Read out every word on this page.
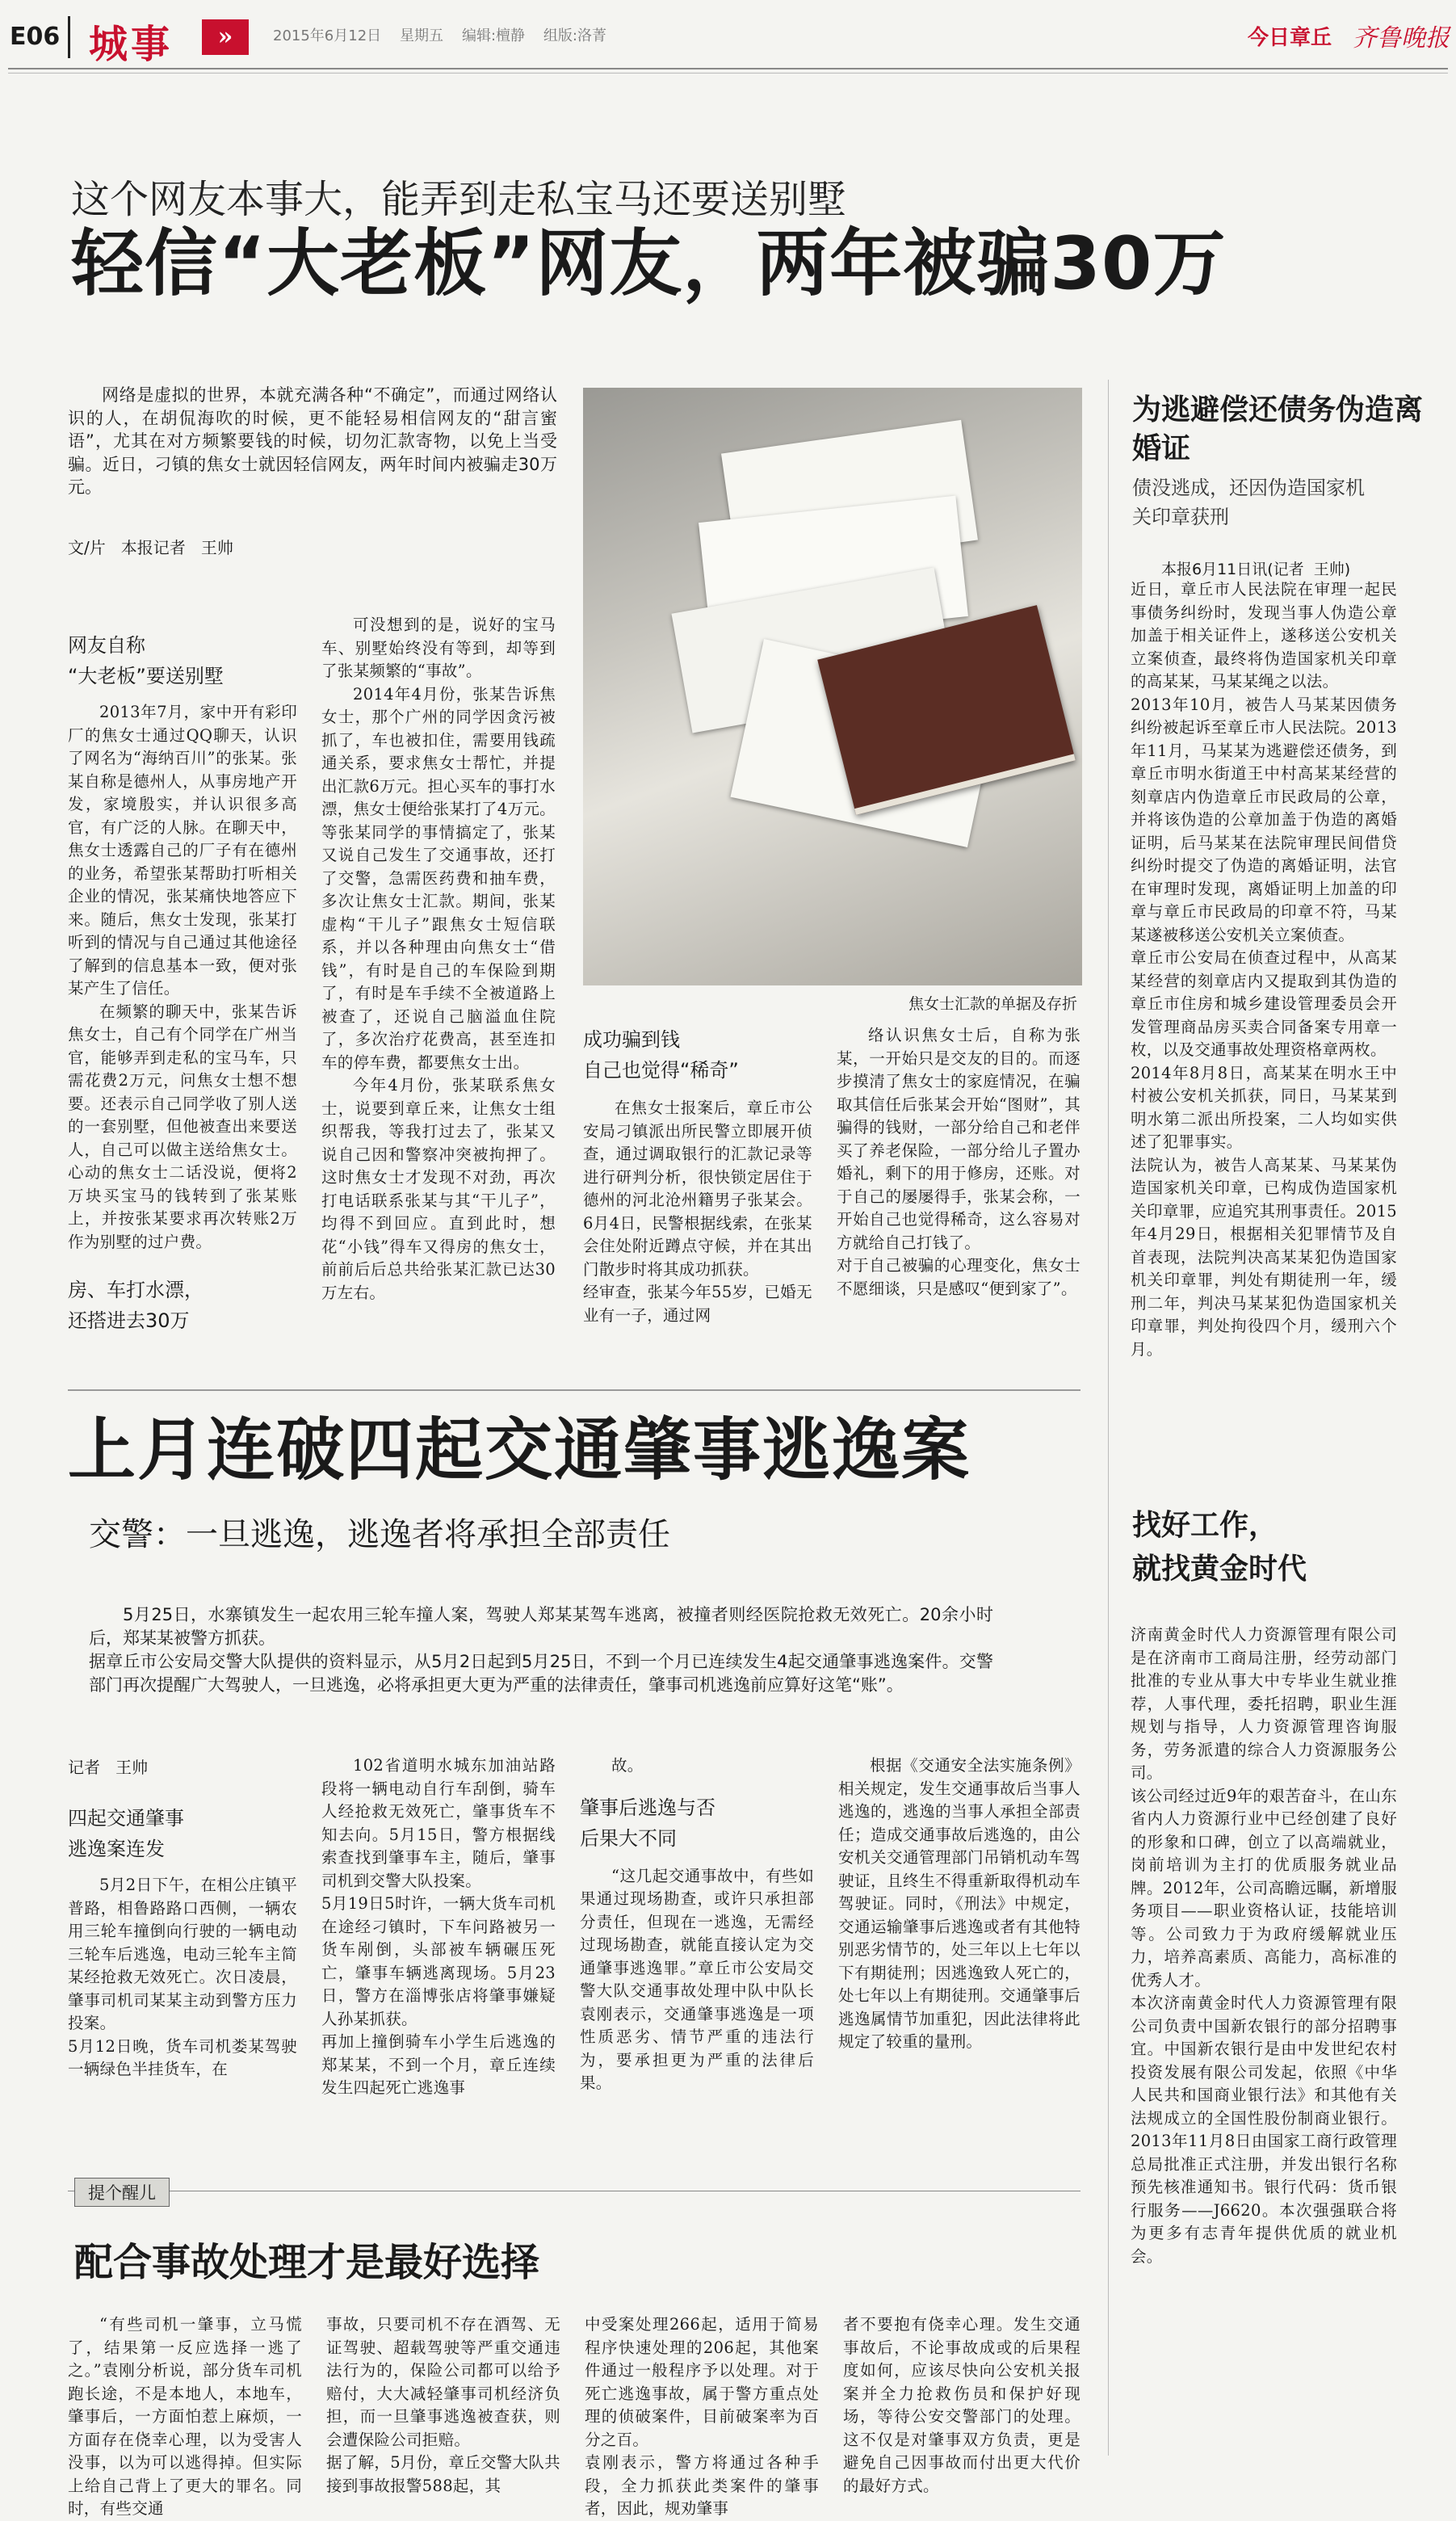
E06 城事	»	2015年6月12日    星期五    编辑:檀静    组版:洛菁	今日章丘 齐鲁晚报
这个网友本事大，能弄到走私宝马还要送别墅
轻信“大老板”网友，两年被骗30万

网络是虚拟的世界，本就充满各种“不确定”，而通过网络认识的人，在胡侃海吹的时候，更不能轻易相信网友的“甜言蜜语”，尤其在对方频繁要钱的时候，切勿汇款寄物，以免上当受骗。近日，刁镇的焦女士就因轻信网友，两年时间内被骗走30万元。

文/片   本报记者   王帅
网友自称
“大老板”要送别墅

2013年7月，家中开有彩印厂的焦女士通过QQ聊天，认识了网名为“海纳百川”的张某。张某自称是德州人，从事房地产开发，家境殷实，并认识很多高官，有广泛的人脉。在聊天中，焦女士透露自己的厂子有在德州的业务，希望张某帮助打听相关企业的情况，张某痛快地答应下来。随后，焦女士发现，张某打听到的情况与自己通过其他途径了解到的信息基本一致，便对张某产生了信任。

在频繁的聊天中，张某告诉焦女士，自己有个同学在广州当官，能够弄到走私的宝马车，只需花费2万元，问焦女士想不想要。还表示自己同学收了别人送的一套别墅，但他被查出来要送人，自己可以做主送给焦女士。心动的焦女士二话没说，便将2万块买宝马的钱转到了张某账上，并按张某要求再次转账2万作为别墅的过户费。

房、车打水漂，
还搭进去30万

可没想到的是，说好的宝马车、别墅始终没有等到，却等到了张某频繁的“事故”。

2014年4月份，张某告诉焦女士，那个广州的同学因贪污被抓了，车也被扣住，需要用钱疏通关系，要求焦女士帮忙，并提出汇款6万元。担心买车的事打水漂，焦女士便给张某打了4万元。等张某同学的事情搞定了，张某又说自己发生了交通事故，还打了交警，急需医药费和抽车费，多次让焦女士汇款。期间，张某虚构“干儿子”跟焦女士短信联系，并以各种理由向焦女士“借钱”，有时是自己的车保险到期了，有时是车手续不全被道路上被查了，还说自己脑溢血住院了，多次治疗花费高，甚至连扣车的停车费，都要焦女士出。

今年4月份，张某联系焦女士，说要到章丘来，让焦女士组织帮我，等我打过去了，张某又说自己因和警察冲突被拘押了。这时焦女士才发现不对劲，再次打电话联系张某与其“干儿子”，均得不到回应。直到此时，想花“小钱”得车又得房的焦女士，前前后后总共给张某汇款已达30万左右。

焦女士汇款的单据及存折
成功骗到钱
自己也觉得“稀奇”

在焦女士报案后，章丘市公安局刁镇派出所民警立即展开侦查，通过调取银行的汇款记录等进行研判分析，很快锁定居住于德州的河北沧州籍男子张某会。6月4日，民警根据线索，在张某会住处附近蹲点守候，并在其出门散步时将其成功抓获。
经审查，张某今年55岁，已婚无业有一子，通过网

络认识焦女士后，自称为张某，一开始只是交友的目的。而逐步摸清了焦女士的家庭情况，在骗取其信任后张某会开始“图财”，其骗得的钱财，一部分给自己和老伴买了养老保险，一部分给儿子置办婚礼，剩下的用于修房，还账。对于自己的屡屡得手，张某会称，一开始自己也觉得稀奇，这么容易对方就给自己打钱了。
对于自己被骗的心理变化，焦女士不愿细谈，只是感叹“便到家了”。

为逃避偿还债务伪造离婚证
债没逃成，还因伪造国家机关印章获刑
本报6月11日讯(记者  王帅)

近日，章丘市人民法院在审理一起民事债务纠纷时，发现当事人伪造公章加盖于相关证件上，遂移送公安机关立案侦查，最终将伪造国家机关印章的高某某，马某某绳之以法。
2013年10月，被告人马某某因债务纠纷被起诉至章丘市人民法院。2013年11月，马某某为逃避偿还债务，到章丘市明水街道王中村高某某经营的刻章店内伪造章丘市民政局的公章，并将该伪造的公章加盖于伪造的离婚证明，后马某某在法院审理民间借贷纠纷时提交了伪造的离婚证明，法官在审理时发现，离婚证明上加盖的印章与章丘市民政局的印章不符，马某某遂被移送公安机关立案侦查。
章丘市公安局在侦查过程中，从高某某经营的刻章店内又提取到其伪造的章丘市住房和城乡建设管理委员会开发管理商品房买卖合同备案专用章一枚，以及交通事故处理资格章两枚。
2014年8月8日，高某某在明水王中村被公安机关抓获，同日，马某某到明水第二派出所投案，二人均如实供述了犯罪事实。
法院认为，被告人高某某、马某某伪造国家机关印章，已构成伪造国家机关印章罪，应追究其刑事责任。2015年4月29日，根据相关犯罪情节及自首表现，法院判决高某某犯伪造国家机关印章罪，判处有期徒刑一年，缓刑二年，判决马某某犯伪造国家机关印章罪，判处拘役四个月，缓刑六个月。

上月连破四起交通肇事逃逸案
交警：一旦逃逸，逃逸者将承担全部责任

5月25日，水寨镇发生一起农用三轮车撞人案，驾驶人郑某某驾车逃离，被撞者则经医院抢救无效死亡。20余小时后，郑某某被警方抓获。
据章丘市公安局交警大队提供的资料显示，从5月2日起到5月25日，不到一个月已连续发生4起交通肇事逃逸案件。交警部门再次提醒广大驾驶人，一旦逃逸，必将承担更大更为严重的法律责任，肇事司机逃逸前应算好这笔“账”。

记者   王帅
四起交通肇事
逃逸案连发

5月2日下午，在相公庄镇平普路，相鲁路路口西侧，一辆农用三轮车撞倒向行驶的一辆电动三轮车后逃逸，电动三轮车主简某经抢救无效死亡。次日凌晨，肇事司机司某某主动到警方压力投案。
5月12日晚，货车司机娄某驾驶一辆绿色半挂货车，在

102省道明水城东加油站路段将一辆电动自行车刮倒，骑车人经抢救无效死亡，肇事货车不知去向。5月15日，警方根据线索查找到肇事车主，随后，肇事司机到交警大队投案。
5月19日5时许，一辆大货车司机在途经刁镇时，下车问路被另一货车剐倒，头部被车辆碾压死亡，肇事车辆逃离现场。5月23日，警方在淄博张店将肇事嫌疑人孙某抓获。
再加上撞倒骑车小学生后逃逸的郑某某，不到一个月，章丘连续发生四起死亡逃逸事

故。

肇事后逃逸与否
后果大不同

“这几起交通事故中，有些如果通过现场勘查，或许只承担部分责任，但现在一逃逸，无需经过现场勘查，就能直接认定为交通肇事逃逸罪。”章丘市公安局交警大队交通事故处理中队中队长袁刚表示，交通肇事逃逸是一项性质恶劣、情节严重的违法行为，要承担更为严重的法律后果。

根据《交通安全法实施条例》相关规定，发生交通事故后当事人逃逸的，逃逸的当事人承担全部责任；造成交通事故后逃逸的，由公安机关交通管理部门吊销机动车驾驶证，且终生不得重新取得机动车驾驶证。同时，《刑法》中规定，交通运输肇事后逃逸或者有其他特别恶劣情节的，处三年以上七年以下有期徒刑；因逃逸致人死亡的，处七年以上有期徒刑。交通肇事后逃逸属情节加重犯，因此法律将此规定了较重的量刑。

提个醒儿
配合事故处理才是最好选择

“有些司机一肇事，立马慌了，结果第一反应选择一逃了之。”袁刚分析说，部分货车司机跑长途，不是本地人，本地车，肇事后，一方面怕惹上麻烦，一方面存在侥幸心理，以为受害人没事，以为可以逃得掉。但实际上给自己背上了更大的罪名。同时，有些交通

事故，只要司机不存在酒驾、无证驾驶、超载驾驶等严重交通违法行为的，保险公司都可以给予赔付，大大减轻肇事司机经济负担，而一旦肇事逃逸被查获，则会遭保险公司拒赔。
据了解，5月份，章丘交警大队共接到事故报警588起，其

中受案处理266起，适用于简易程序快速处理的206起，其他案件通过一般程序予以处理。对于死亡逃逸事故，属于警方重点处理的侦破案件，目前破案率为百分之百。
袁刚表示，警方将通过各种手段，全力抓获此类案件的肇事者，因此，规劝肇事

者不要抱有侥幸心理。发生交通事故后，不论事故成或的后果程度如何，应该尽快向公安机关报案并全力抢救伤员和保护好现场，等待公安交警部门的处理。这不仅是对肇事双方负责，更是避免自己因事故而付出更大代价的最好方式。

找好工作，
就找黄金时代

济南黄金时代人力资源管理有限公司是在济南市工商局注册，经劳动部门批准的专业从事大中专毕业生就业推荐，人事代理，委托招聘，职业生涯规划与指导，人力资源管理咨询服务，劳务派遣的综合人力资源服务公司。
该公司经过近9年的艰苦奋斗，在山东省内人力资源行业中已经创建了良好的形象和口碑，创立了以高端就业，岗前培训为主打的优质服务就业品牌。2012年，公司高瞻远瞩，新增服务项目——职业资格认证，技能培训等。公司致力于为政府缓解就业压力，培养高素质、高能力，高标准的优秀人才。
本次济南黄金时代人力资源管理有限公司负责中国新农银行的部分招聘事宜。中国新农银行是由中发世纪农村投资发展有限公司发起，依照《中华人民共和国商业银行法》和其他有关法规成立的全国性股份制商业银行。2013年11月8日由国家工商行政管理总局批准正式注册，并发出银行名称预先核准通知书。银行代码：货币银行服务——J6620。本次强强联合将为更多有志青年提供优质的就业机会。
